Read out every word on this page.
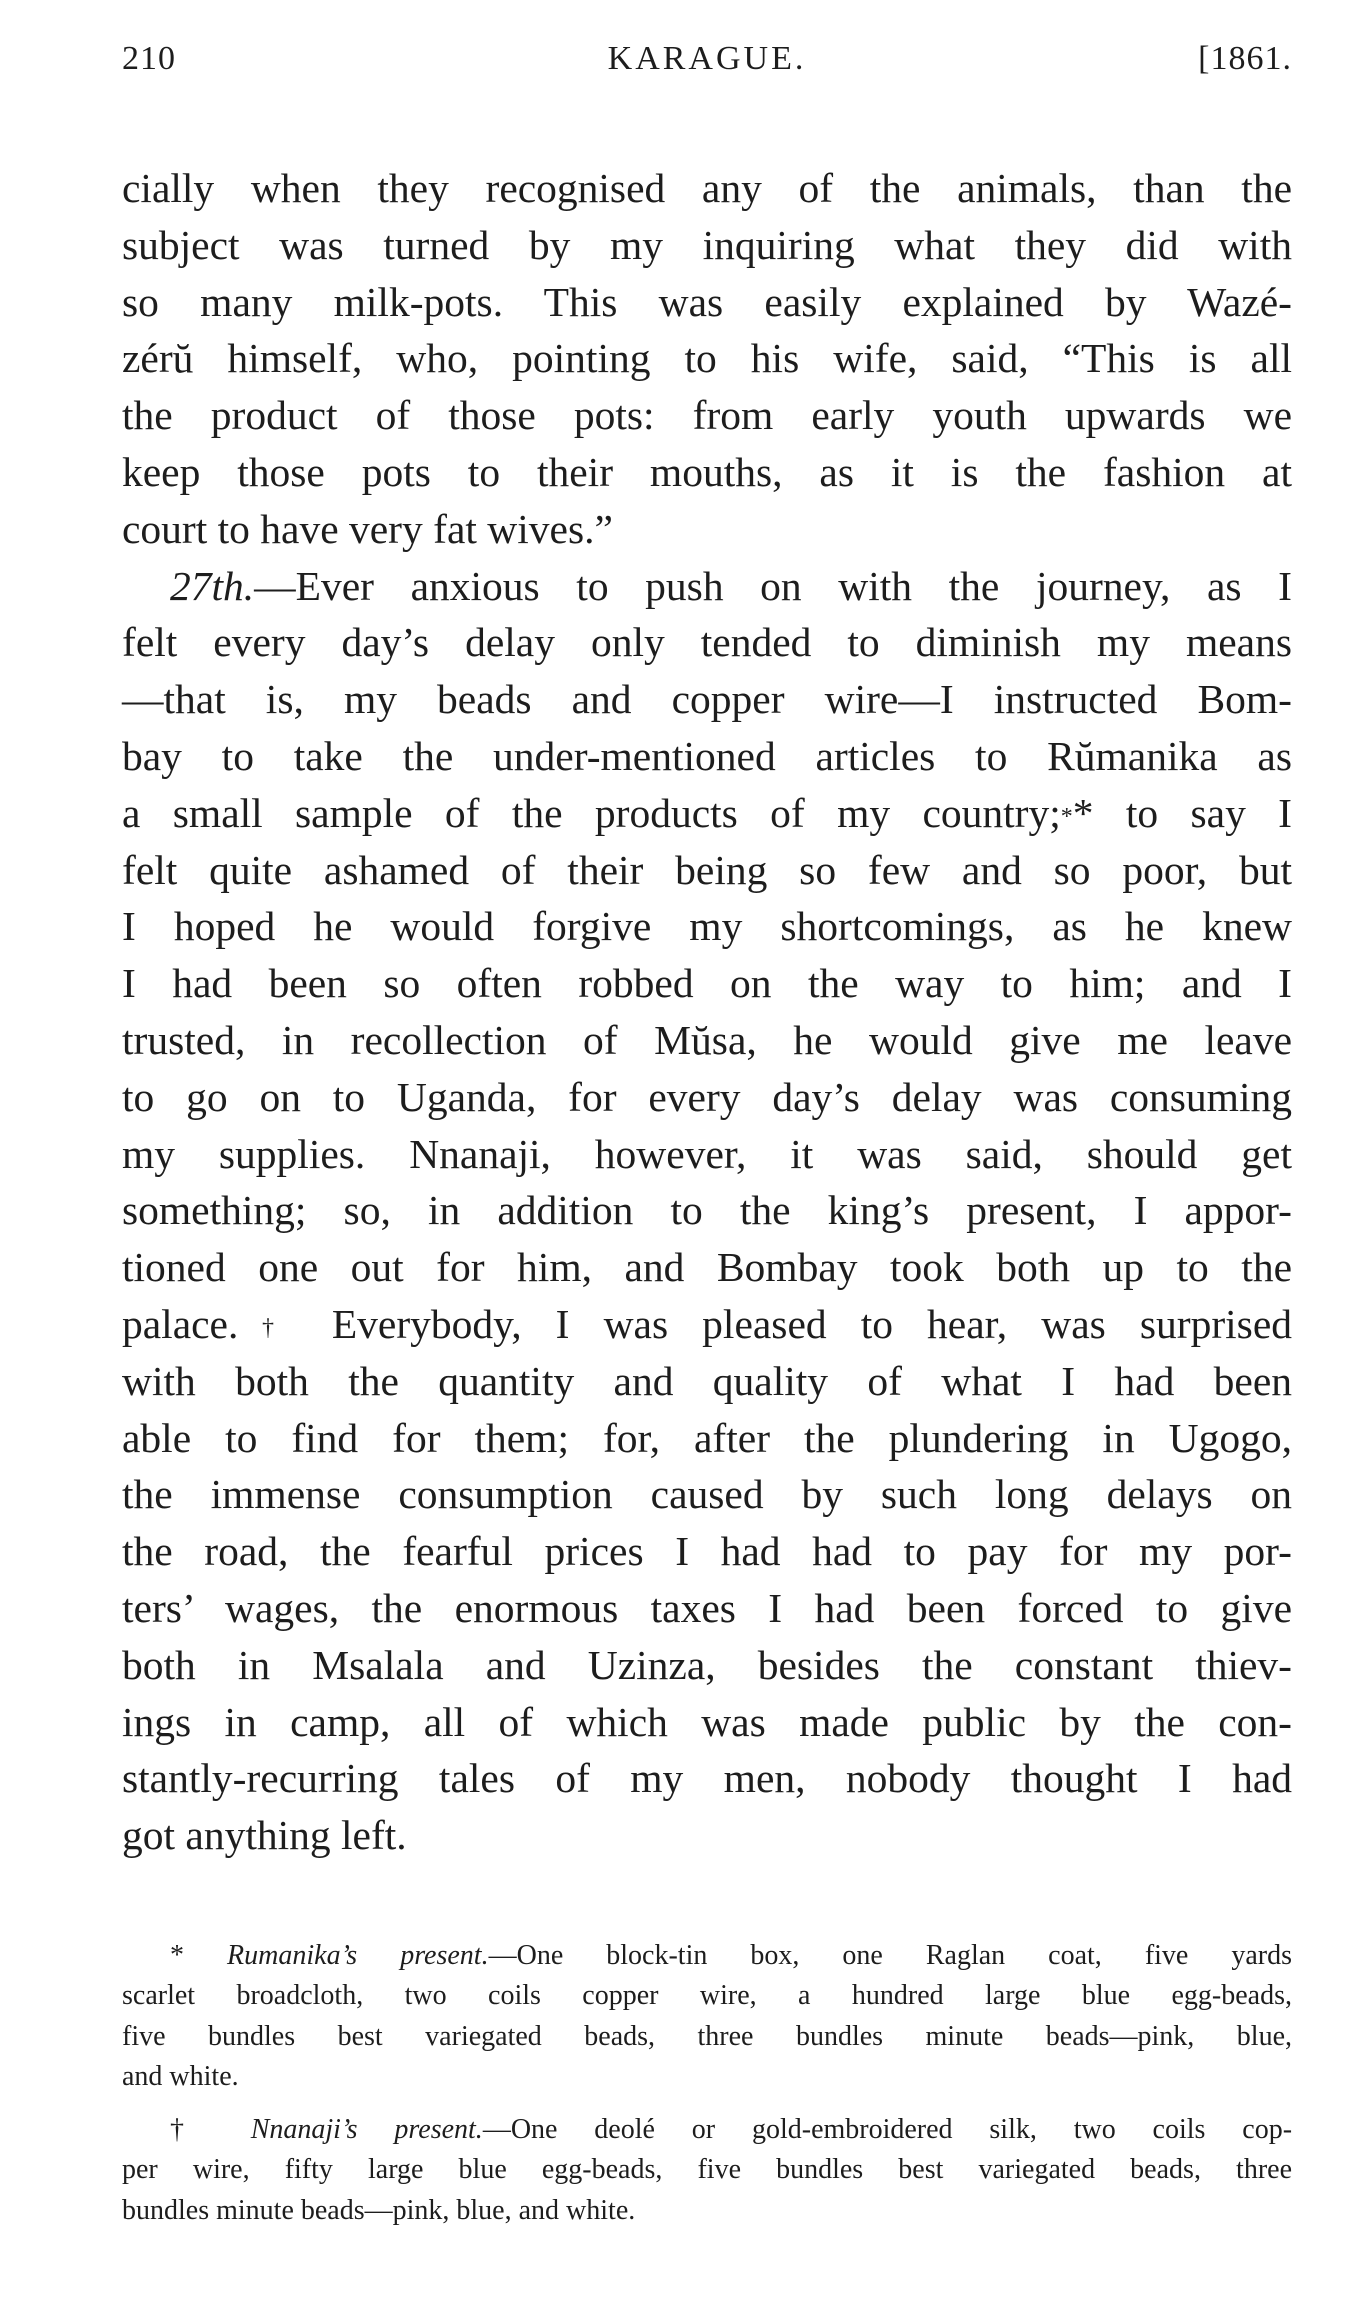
210	KARAGUE.	[1861.

cially when they recognised any of the animals, than the
subject was turned by my inquiring what they did with
so many milk-pots. This was easily explained by Wazé-
zérŭ himself, who, pointing to his wife, said, “This is all
the product of those pots: from early youth upwards we
keep those pots to their mouths, as it is the fashion at
court to have very fat wives.”

27th.—Ever anxious to push on with the journey, as I
felt every day’s delay only tended to diminish my means
—that is, my beads and copper wire—I instructed Bom-
bay to take the under-mentioned articles to Rŭmanika as
a small sample of the products of my country;** to say I
felt quite ashamed of their being so few and so poor, but
I hoped he would forgive my shortcomings, as he knew
I had been so often robbed on the way to him; and I
trusted, in recollection of Mŭsa, he would give me leave
to go on to Uganda, for every day’s delay was consuming
my supplies. Nnanaji, however, it was said, should get
something; so, in addition to the king’s present, I appor-
tioned one out for him, and Bombay took both up to the
palace.† Everybody, I was pleased to hear, was surprised
with both the quantity and quality of what I had been
able to find for them; for, after the plundering in Ugogo,
the immense consumption caused by such long delays on
the road, the fearful prices I had had to pay for my por-
ters’ wages, the enormous taxes I had been forced to give
both in Msalala and Uzinza, besides the constant thiev-
ings in camp, all of which was made public by the con-
stantly-recurring tales of my men, nobody thought I had
got anything left.

* Rumanika’s present.—One block-tin box, one Raglan coat, five yards
scarlet broadcloth, two coils copper wire, a hundred large blue egg-beads,
five bundles best variegated beads, three bundles minute beads—pink, blue,
and white.
† Nnanaji’s present.—One deolé or gold-embroidered silk, two coils cop-
per wire, fifty large blue egg-beads, five bundles best variegated beads, three
bundles minute beads—pink, blue, and white.
